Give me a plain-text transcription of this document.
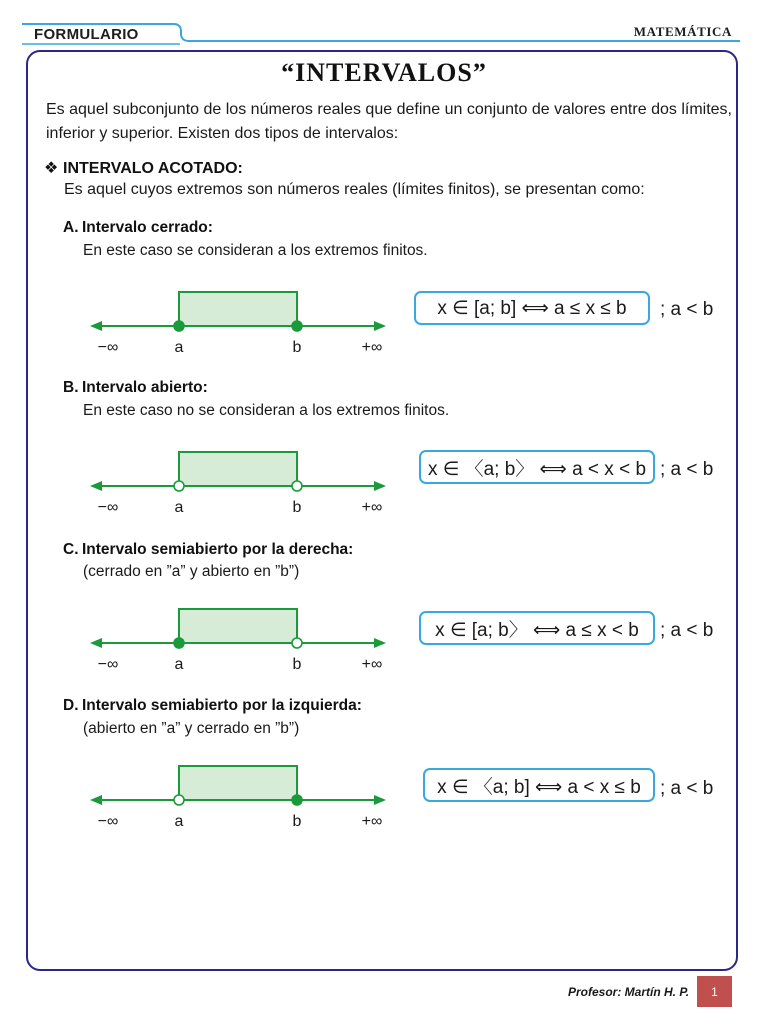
FORMULARIO	MATEMÁTICA
“INTERVALOS”
Es aquel subconjunto de los números reales que define un conjunto de valores entre dos límites, inferior y superior. Existen dos tipos de intervalos:
❖ INTERVALO ACOTADO:
Es aquel cuyos extremos son números reales (límites finitos), se presentan como:
A. Intervalo cerrado:
En este caso se consideran a los extremos finitos.
−∞	a	b	+∞
x ∈ [a; b] ⟺ a ≤ x ≤ b	; a < b
B. Intervalo abierto:
En este caso no se consideran a los extremos finitos.
−∞	a	b	+∞
x ∈ 〈a; b〉 ⟺ a < x < b ; a < b
C. Intervalo semiabierto por la derecha:
(cerrado en ”a” y abierto en ”b”)
−∞	a	b	+∞
x ∈ [a; b〉 ⟺ a ≤ x < b	; a < b
D. Intervalo semiabierto por la izquierda:
(abierto en ”a” y cerrado en ”b”)
−∞	a	b	+∞
x ∈ 〈a; b] ⟺ a < x ≤ b	; a < b
Profesor: Martín H. P.	1
